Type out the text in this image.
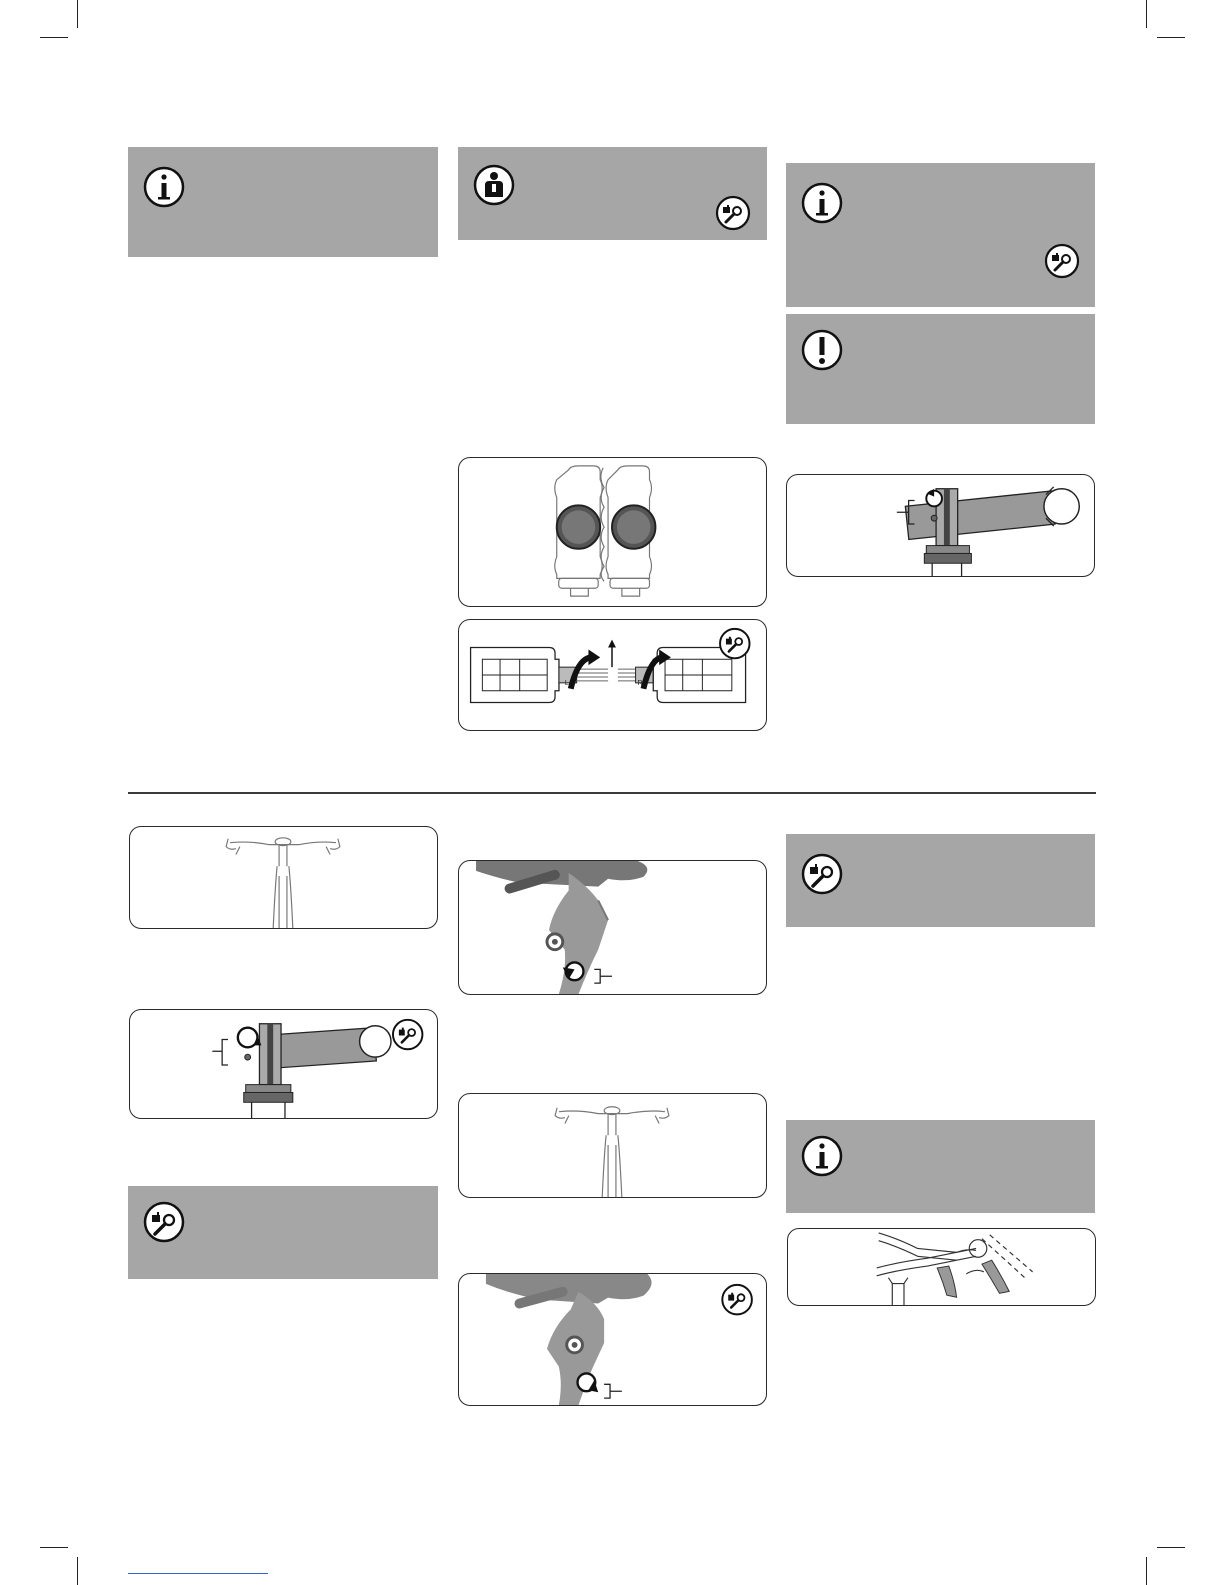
L	R
